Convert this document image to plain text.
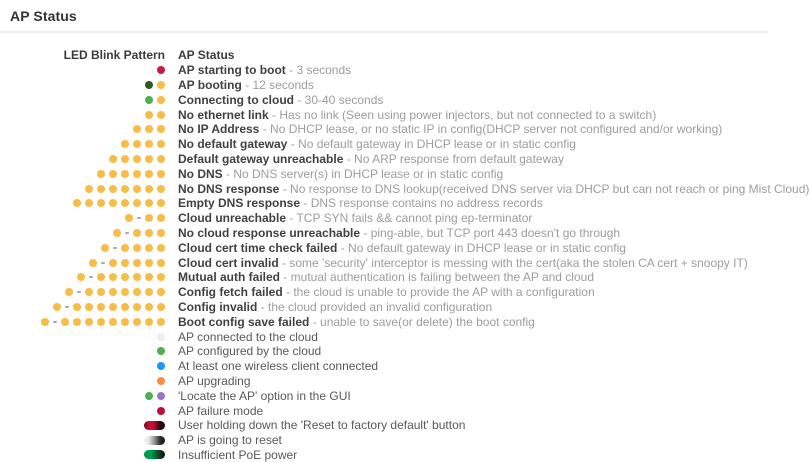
AP Status
LED Blink Pattern	AP Status
AP starting to boot - 3 seconds
AP booting - 12 seconds
Connecting to cloud - 30-40 seconds
No ethernet link - Has no link (Seen using power injectors, but not connected to a switch)
No IP Address - No DHCP lease, or no static IP in config(DHCP server not configured and/or working)
No default gateway - No default gateway in DHCP lease or in static config
Default gateway unreachable - No ARP response from default gateway
No DNS - No DNS server(s) in DHCP lease or in static config
No DNS response - No response to DNS lookup(received DNS server via DHCP but can not reach or ping Mist Cloud)
Empty DNS response - DNS response contains no address records
Cloud unreachable - TCP SYN fails && cannot ping ep-terminator
No cloud response unreachable - ping-able, but TCP port 443 doesn't go through
Cloud cert time check failed - No default gateway in DHCP lease or in static config
Cloud cert invalid - some 'security' interceptor is messing with the cert(aka the stolen CA cert + snoopy IT)
Mutual auth failed - mutual authentication is failing between the AP and cloud
Config fetch failed - the cloud is unable to provide the AP with a configuration
Config invalid - the cloud provided an invalid configuration
Boot config save failed - unable to save(or delete) the boot config
AP connected to the cloud
AP configured by the cloud
At least one wireless client connected
AP upgrading
'Locate the AP' option in the GUI
AP failure mode
User holding down the 'Reset to factory default' button
AP is going to reset
Insufficient PoE power
